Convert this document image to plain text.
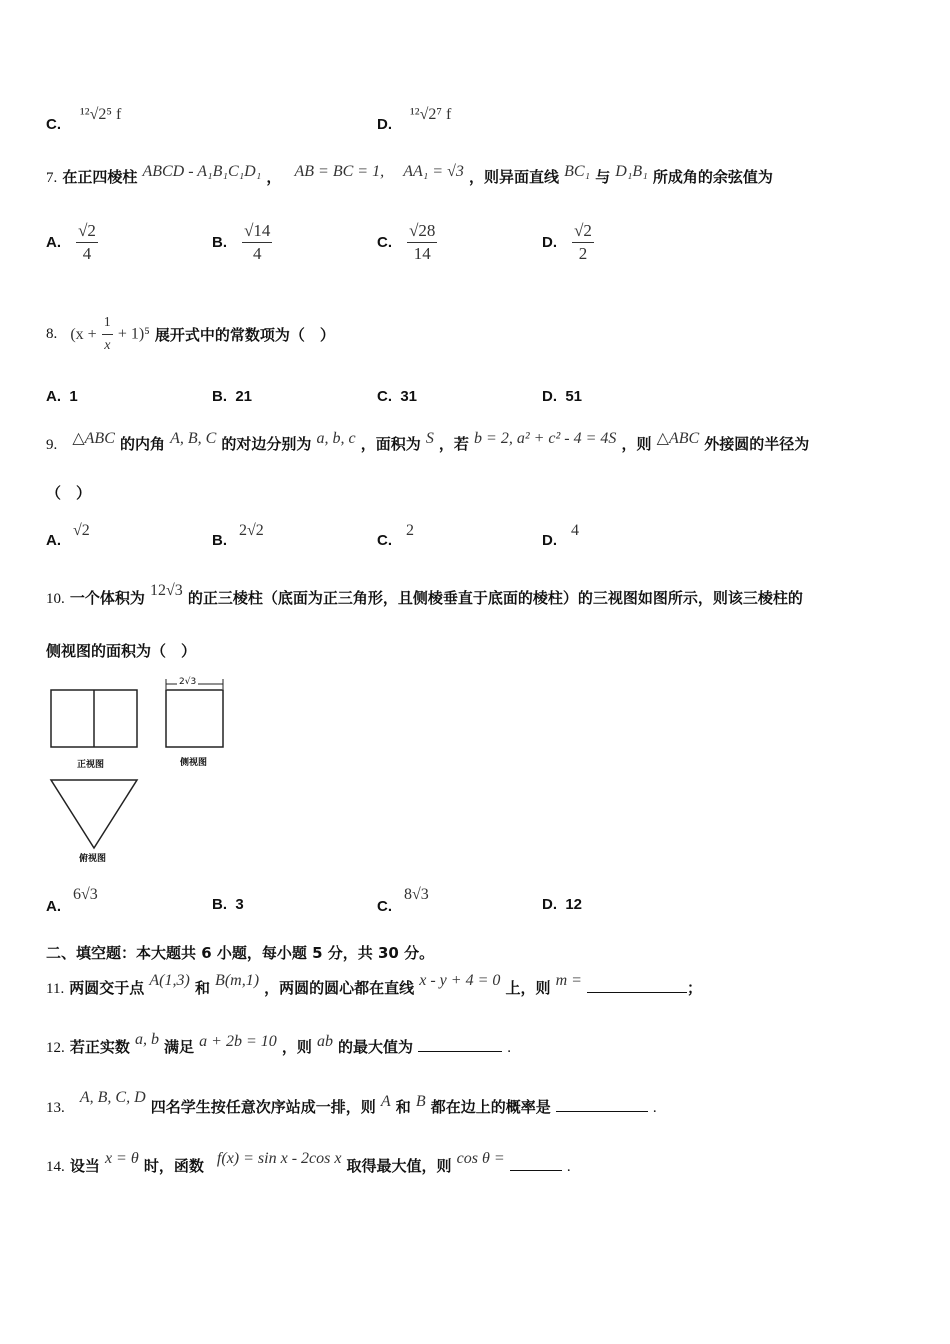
C.
¹²√2⁵ f
D.
¹²√2⁷ f
7. 在正四棱柱 ABCD - A₁B₁C₁D₁ ， AB = BC = 1, AA₁ = √3 ，则异面直线 BC₁ 与 D₁B₁ 所成角的余弦值为
A. $\frac{√2}{4}$	B. $\frac{√14}{4}$	C. $\frac{√28}{14}$	D. $\frac{√2}{2}$
8. $(x + \frac{1}{x} + 1)^5$ 展开式中的常数项为（　）
A. 1	B. 21	C. 31	D. 51
9. △ABC 的内角 A, B, C 的对边分别为 a, b, c ，面积为 S ，若 b = 2, a² + c² - 4 = 4S ，则 △ABC 外接圆的半径为
（　）
A.√2
B.2√2
C.2
D.4
10. 一个体积为 12√3 的正三棱柱（底面为正三角形，且侧棱垂直于底面的棱柱）的三视图如图所示，则该三棱柱的
侧视图的面积为（　）
2√3
正视图	侧视图
俯视图
A.6√3
B. 3	C.8√3
D. 12
二、填空题：本大题共 6 小题，每小题 5 分，共 30 分。
11. 两圆交于点 A(1,3) 和 B(m,1) ，两圆的圆心都在直线 x - y + 4 = 0 上，则 m =	；
12. 若正实数 a, b 满足 a + 2b = 10 ，则 ab 的最大值为	.
13. A, B, C, D 四名学生按任意次序站成一排，则 A 和 B 都在边上的概率是	.
14. 设当 x = θ 时，函数 f(x) = sin x - 2cos x 取得最大值，则 cos θ =	.
